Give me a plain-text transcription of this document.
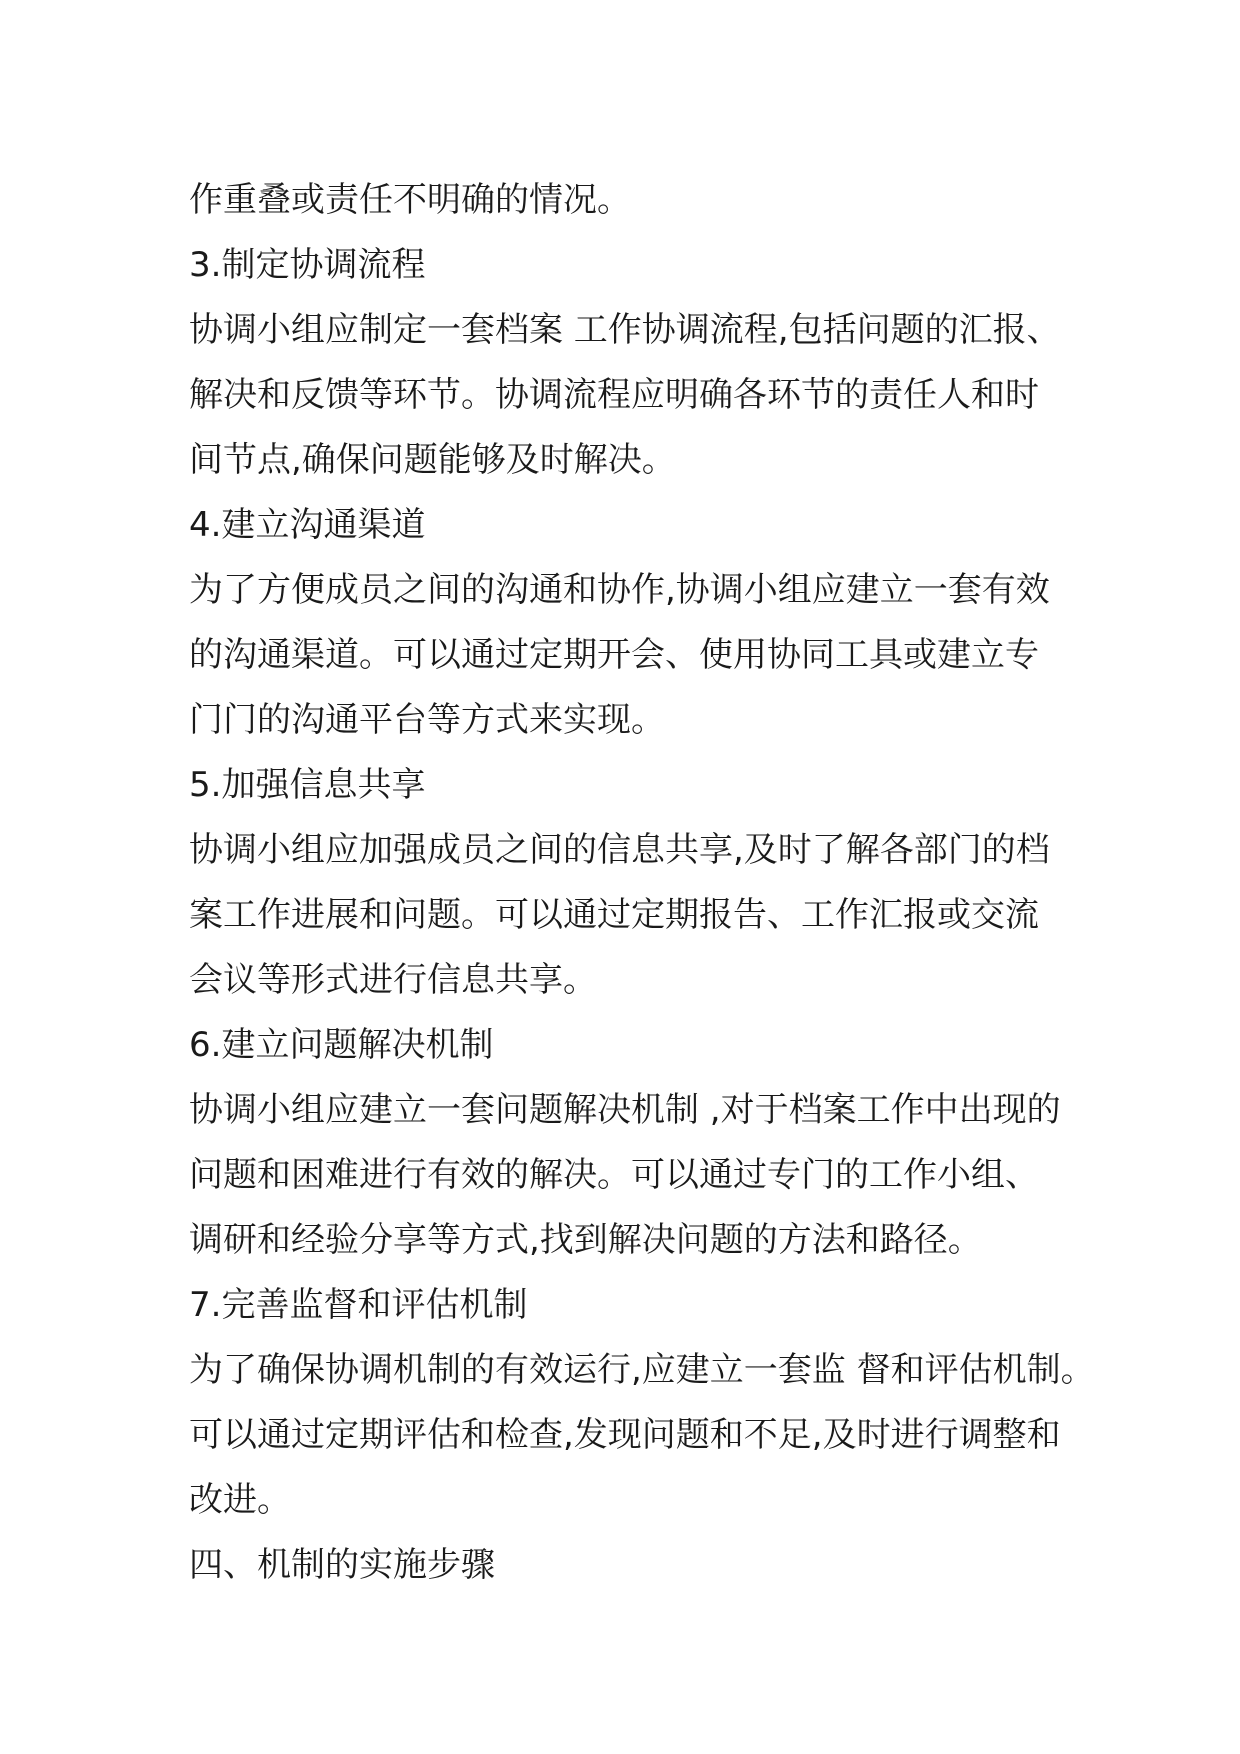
作重叠或责任不明确的情况。
3.制定协调流程
协调小组应制定一套档案 工作协调流程,包括问题的汇报、
解决和反馈等环节。协调流程应明确各环节的责任人和时
间节点,确保问题能够及时解决。
4.建立沟通渠道
为了方便成员之间的沟通和协作,协调小组应建立一套有效
的沟通渠道。可以通过定期开会、使用协同工具或建立专
门门的沟通平台等方式来实现。
5.加强信息共享
协调小组应加强成员之间的信息共享,及时了解各部门的档
案工作进展和问题。可以通过定期报告、工作汇报或交流
会议等形式进行信息共享。
6.建立问题解决机制
协调小组应建立一套问题解决机制 ,对于档案工作中出现的
问题和困难进行有效的解决。可以通过专门的工作小组、
调研和经验分享等方式,找到解决问题的方法和路径。
7.完善监督和评估机制
为了确保协调机制的有效运行,应建立一套监 督和评估机制。
可以通过定期评估和检查,发现问题和不足,及时进行调整和
改进。
四、机制的实施步骤
